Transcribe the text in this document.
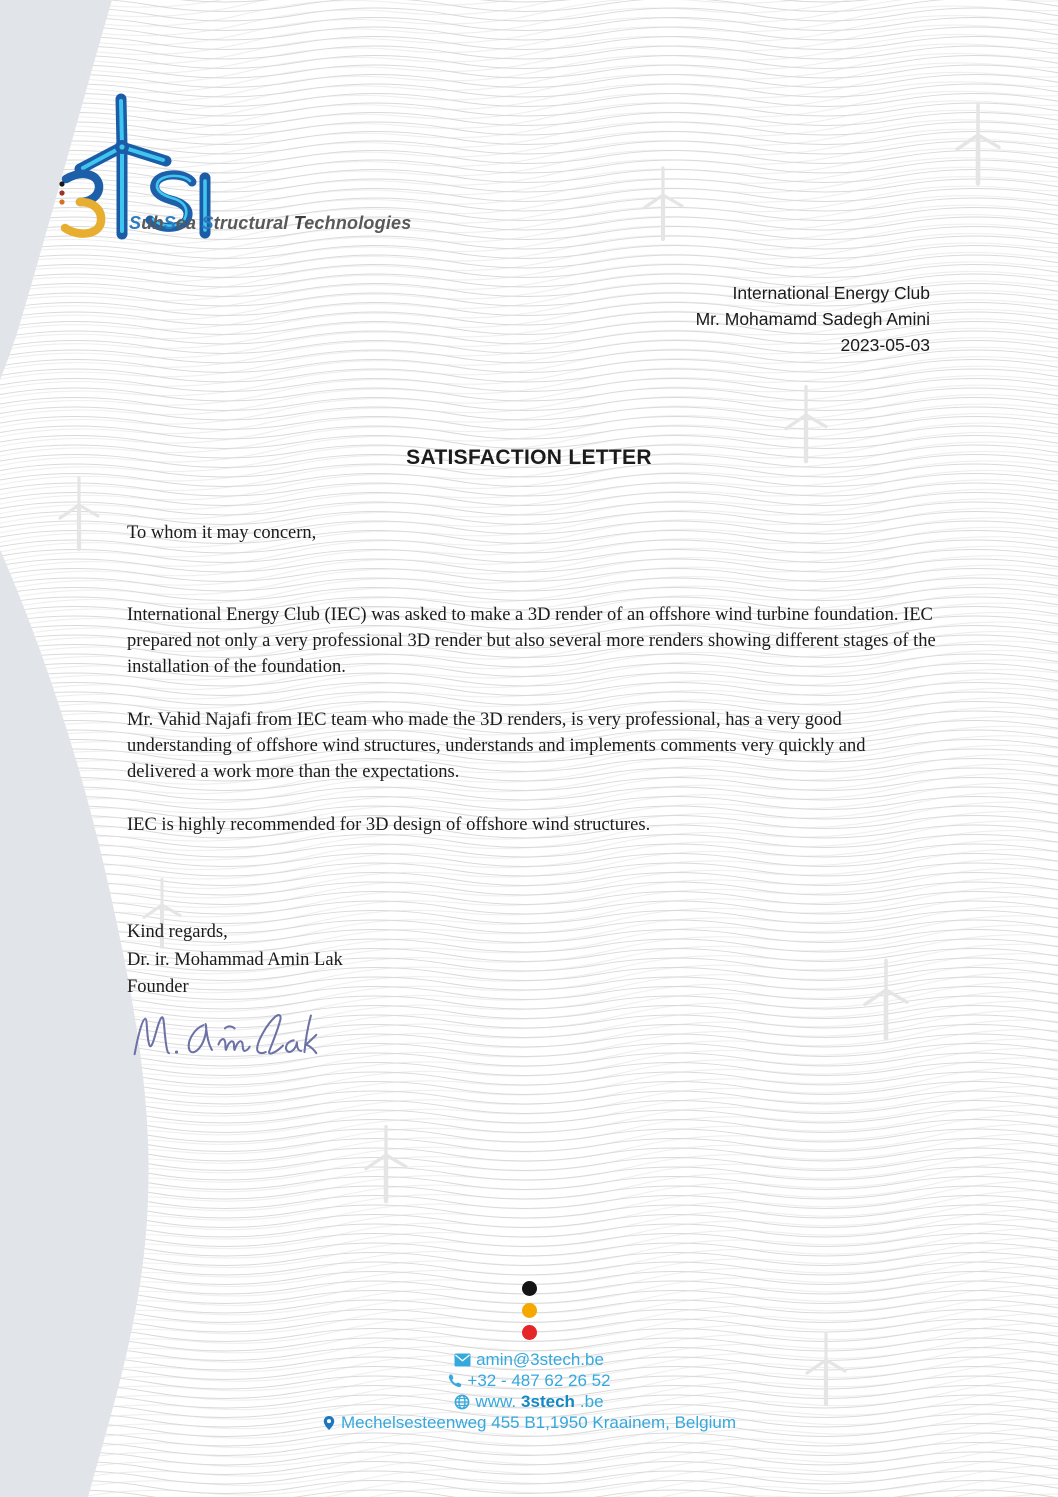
SubSea Structural Technologies
International Energy Club
Mr. Mohamamd Sadegh Amini
2023-05-03
SATISFACTION LETTER
To whom it may concern,

International Energy Club (IEC) was asked to make a 3D render of an offshore wind turbine foundation. IEC prepared not only a very professional 3D render but also several more renders showing different stages of the installation of the foundation.

Mr. Vahid Najafi from IEC team who made the 3D renders, is very professional, has a very good understanding of offshore wind structures, understands and implements comments very quickly and delivered a work more than the expectations.

IEC is highly recommended for 3D design of offshore wind structures.

Kind regards,
Dr. ir. Mohammad Amin Lak
Founder
amin@3stech.be
+32 - 487 62 26 52
www. 3stech .be
Mechelsesteenweg 455 B1,1950 Kraainem, Belgium
